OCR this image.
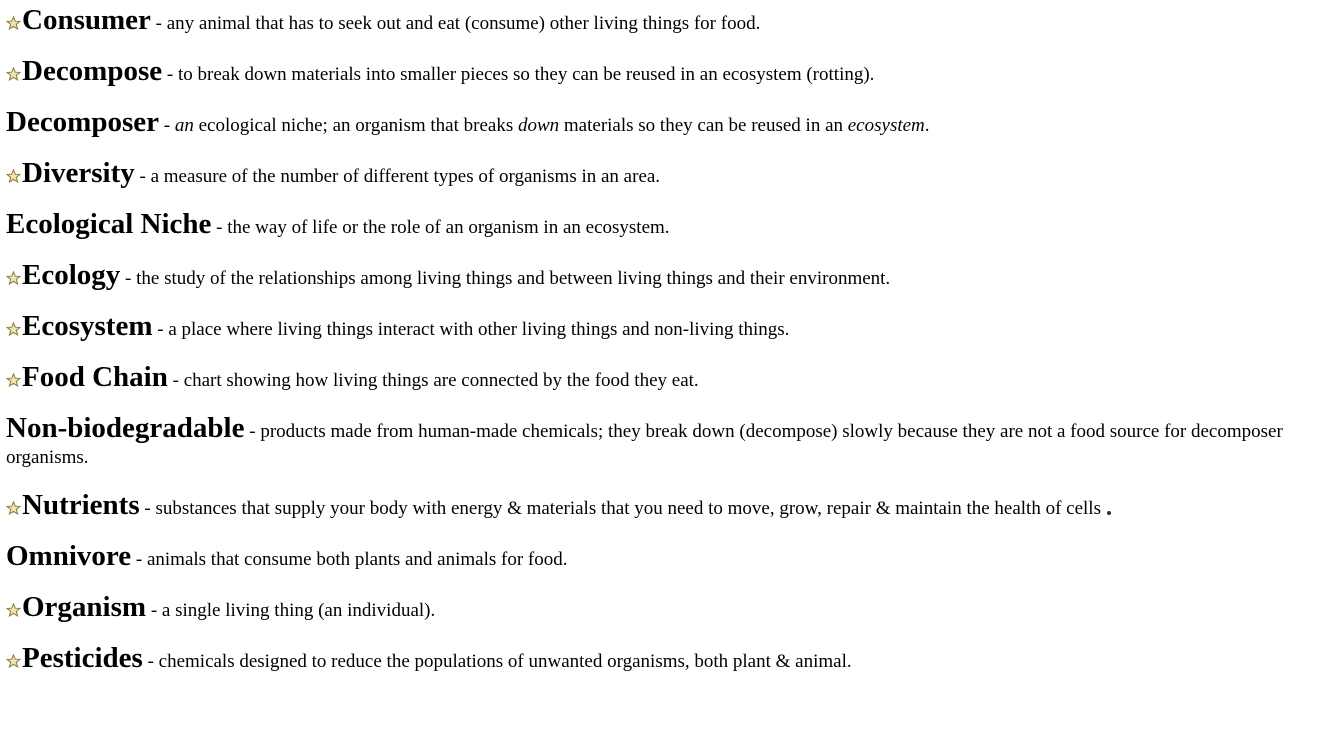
Consumer - any animal that has to seek out and eat (consume) other living things for food.
Decompose - to break down materials into smaller pieces so they can be reused in an ecosystem (rotting).
Decomposer - an ecological niche; an organism that breaks down materials so they can be reused in an ecosystem.
Diversity - a measure of the number of different types of organisms in an area.
Ecological Niche - the way of life or the role of an organism in an ecosystem.
Ecology - the study of the relationships among living things and between living things and their environment.
Ecosystem - a place where living things interact with other living things and non-living things.
Food Chain - chart showing how living things are connected by the food they eat.
Non-biodegradable - products made from human-made chemicals; they break down (decompose) slowly because they are not a food source for decomposer organisms.
Nutrients - substances that supply your body with energy & materials that you need to move, grow, repair & maintain the health of cells
Omnivore - animals that consume both plants and animals for food.
Organism - a single living thing (an individual).
Pesticides - chemicals designed to reduce the populations of unwanted organisms, both plant & animal.
